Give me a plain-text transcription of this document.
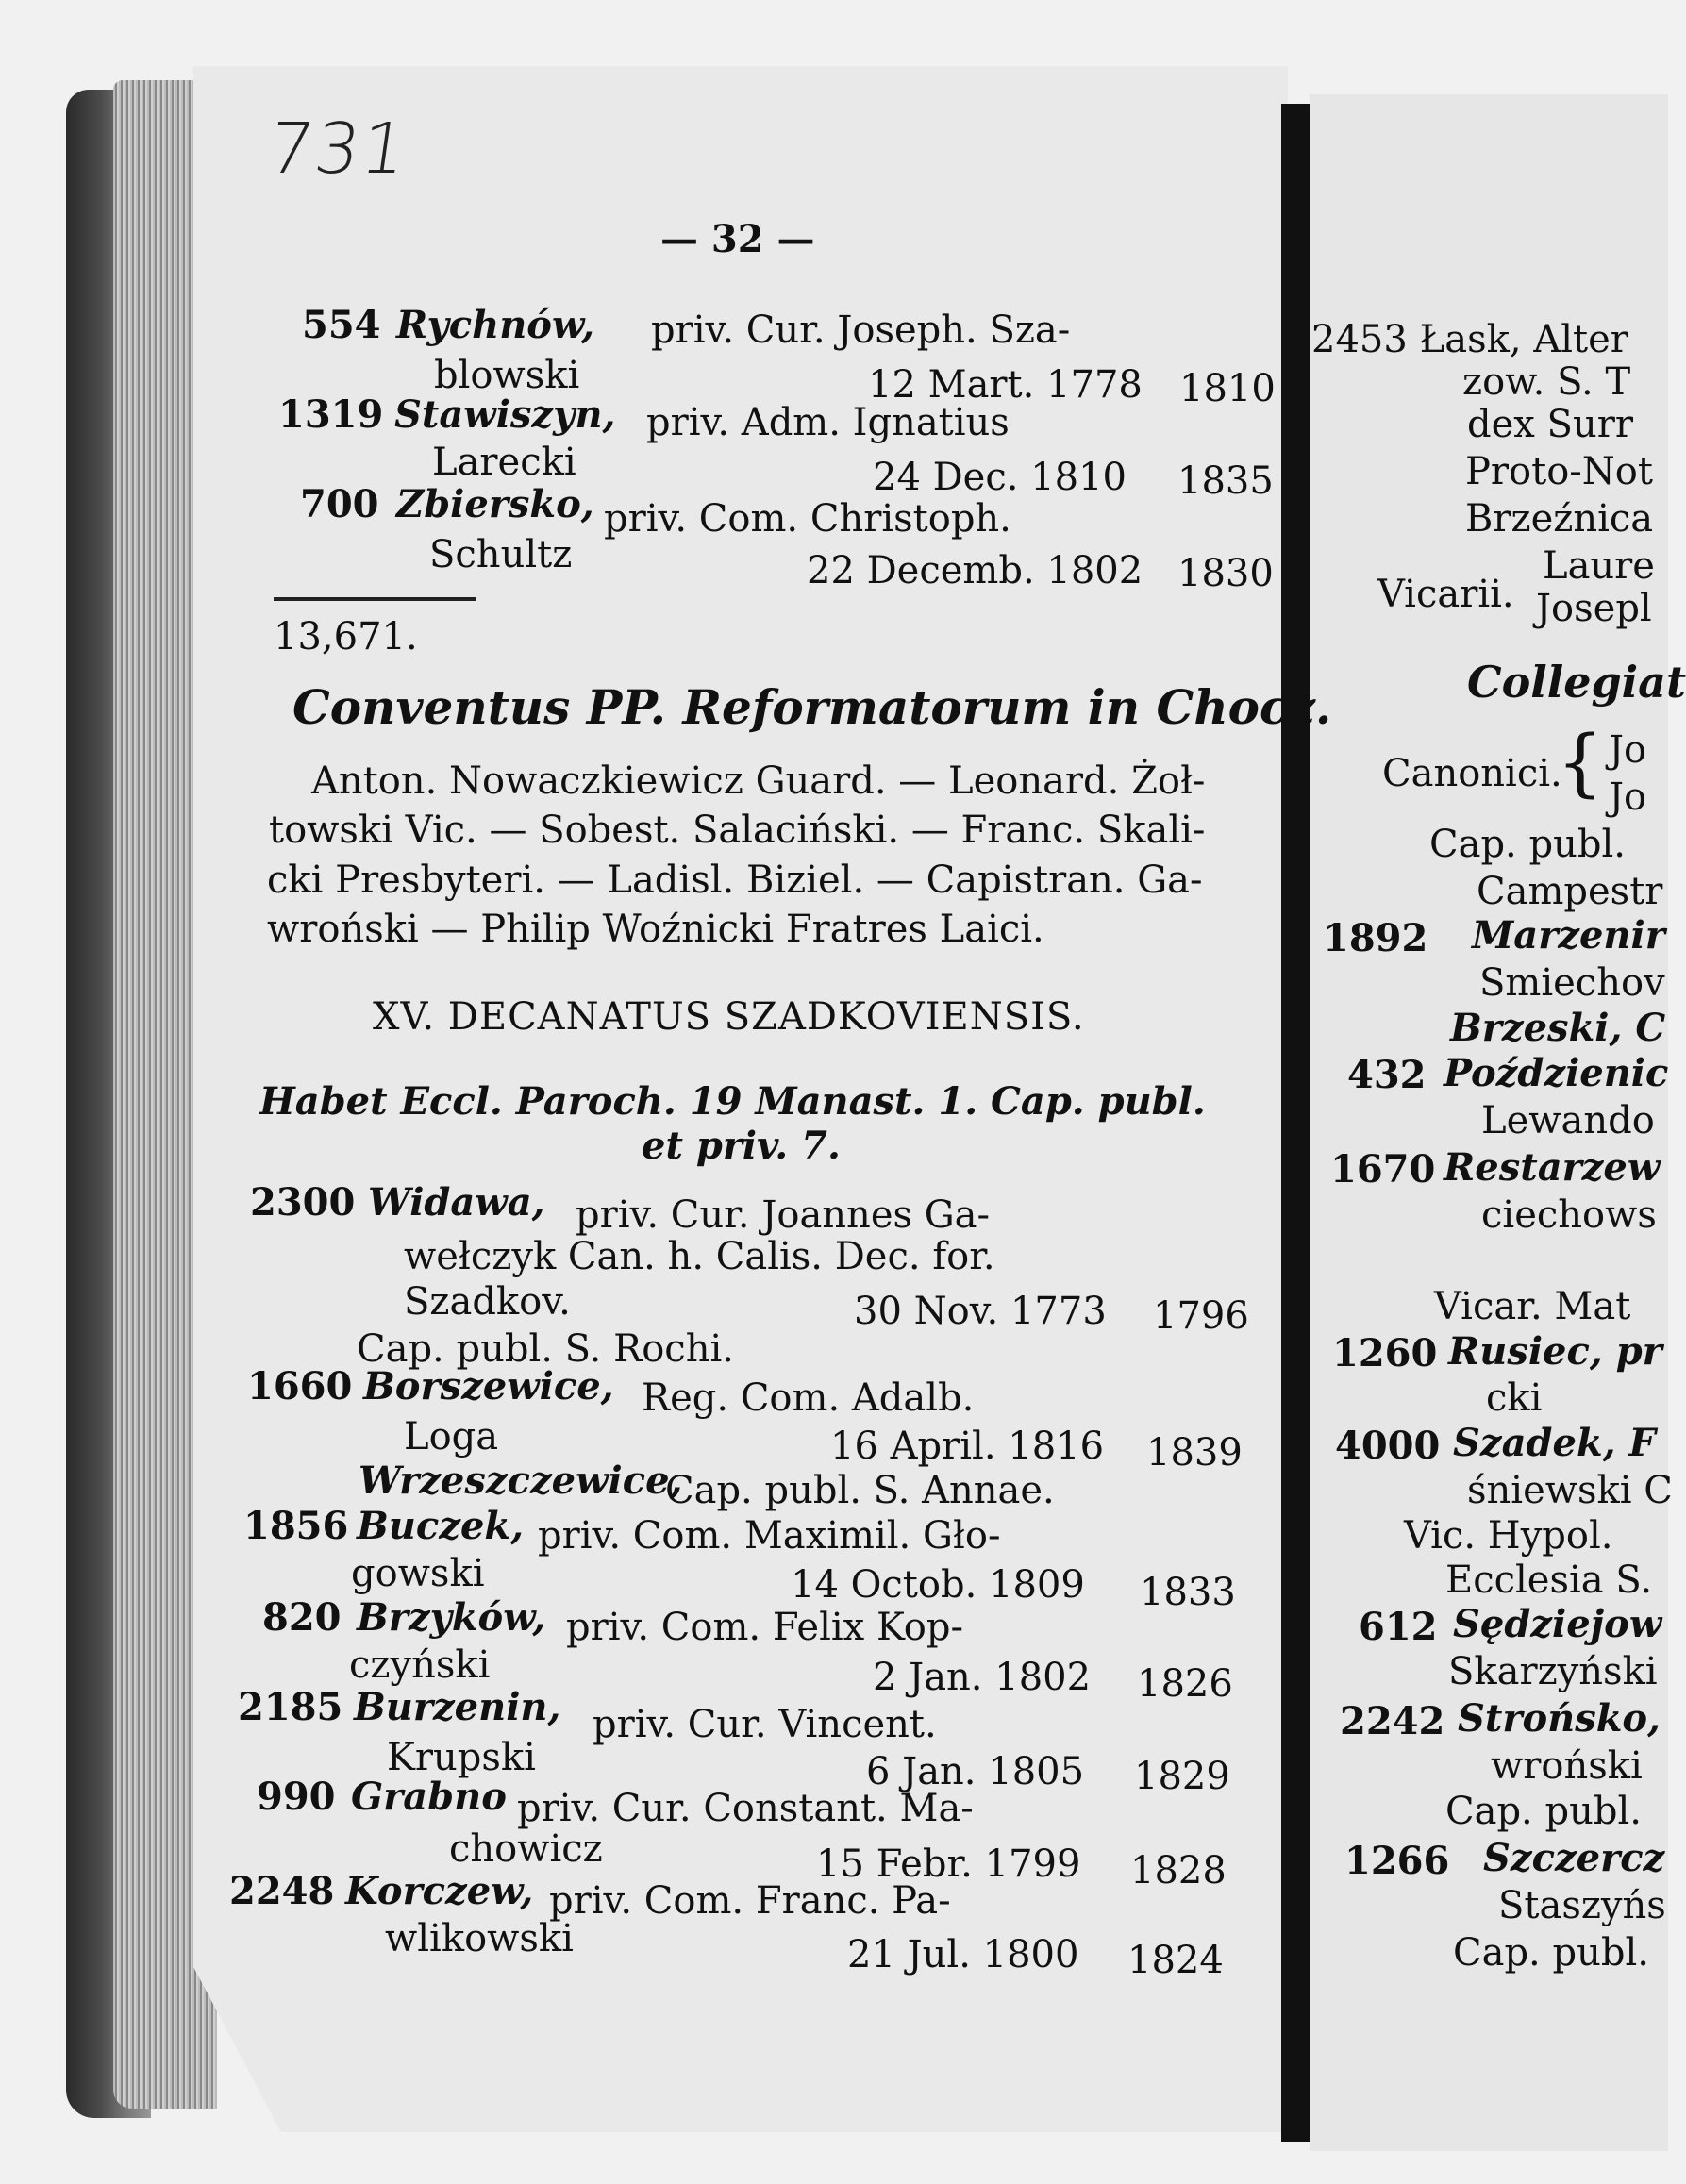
731
— 32 —
554 Rychnów, priv. Cur. Joseph. Sza-
blowski	12 Mart. 1778 1810
1319 Stawiszyn, priv. Adm. Ignatius
Larecki	24 Dec. 1810 1835
700 Zbiersko, priv. Com. Christoph.
Schultz	22 Decemb. 1802 1830
13,671.
Conventus PP. Reformatorum in Chocz.
Anton. Nowaczkiewicz Guard. — Leonard. Żoł-
towski Vic. — Sobest. Salaciński. — Franc. Skali-
cki Presbyteri. — Ladisl. Biziel. — Capistran. Ga-
wroński — Philip Woźnicki Fratres Laici.
XV. DECANATUS SZADKOVIENSIS.
Habet Eccl. Paroch. 19 Manast. 1. Cap. publ.
et priv. 7.
2300 Widawa, priv. Cur. Joannes Ga-
wełczyk Can. h. Calis. Dec. for.
Szadkov.	30 Nov. 1773 1796
Cap. publ. S. Rochi.
1660 Borszewice, Reg. Com. Adalb.
Loga	16 April. 1816 1839
Wrzeszczewice,
Cap. publ. S. Annae.
1856 Buczek, priv. Com. Maximil. Gło-
gowski	14 Octob. 1809 1833
820 Brzyków, priv. Com. Felix Kop-
czyński	2 Jan. 1802 1826
2185 Burzenin, priv. Cur. Vincent.
Krupski	6 Jan. 1805 1829
990 Grabno priv. Cur. Constant. Ma-
chowicz	15 Febr. 1799 1828
2248 Korczew, priv. Com. Franc. Pa-
wlikowski	21 Jul. 1800 1824
2453 Łask, Alter
zow. S. T
dex Surr
Proto-Not
Brzeźnica
Laure
Vicarii. Josepl
Collegiat
Canonici.
{ Jo
Jo
Cap. publ.
Campestr
1892 Marzenir
Smiechov
Brzeski, C
432 Poździenic
Lewando
1670 Restarzew
ciechows
Vicar. Mat
1260 Rusiec, pr
cki
4000 Szadek, F
śniewski C
Vic. Hypol.
Ecclesia S.
612 Sędziejow
Skarzyński
2242 Strońsko,
wroński
Cap. publ.
1266 Szczercz
Staszyńs
Cap. publ.
